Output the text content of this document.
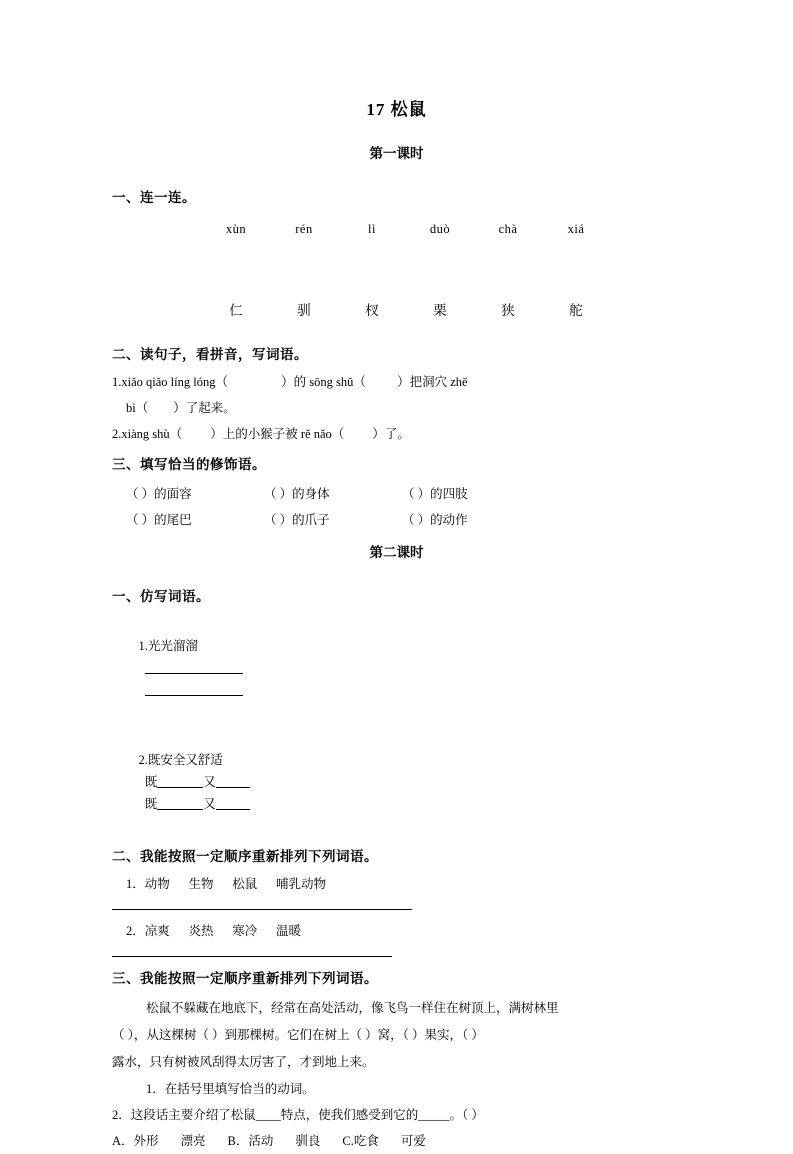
17 松鼠
第一课时
一、连一连。
xùn	rén	lì	duò	chà	xiá
仁	驯	杈	栗	狭	舵
二、读句子，看拼音，写词语。
1.xiǎo qiǎo líng lóng（                 ）的 sōng shǔ（          ）把洞穴 zhē
bì（        ）了起来。
2.xiàng shù（         ）上的小猴子被 rě nǎo（         ）了。
三、填写恰当的修饰语。
（ ）的面容	（ ）的身体	（ ）的四肢
（ ）的尾巴	（ ）的爪子	（ ）的动作
第二课时
一、仿写词语。

1.光光溜溜

2.既安全又舒适
既	又
既	又

二、我能按照一定顺序重新排列下列词语。
1．动物      生物      松鼠      哺乳动物
2．凉爽      炎热      寒冷      温暖
三、我能按照一定顺序重新排列下列词语。
松鼠不躲藏在地底下，经常在高处活动，像飞鸟一样住在树顶上，满树林里
（ ），从这棵树（ ）到那棵树。它们在树上（ ）窝，（ ）果实，（ ）
露水，只有树被风刮得太厉害了，才到地上来。
1．在括号里填写恰当的动词。
2．这段话主要介绍了松鼠____特点，使我们感受到它的_____。（ ）
A．外形 漂亮 B．活动 驯良 C.吃食 可爱
